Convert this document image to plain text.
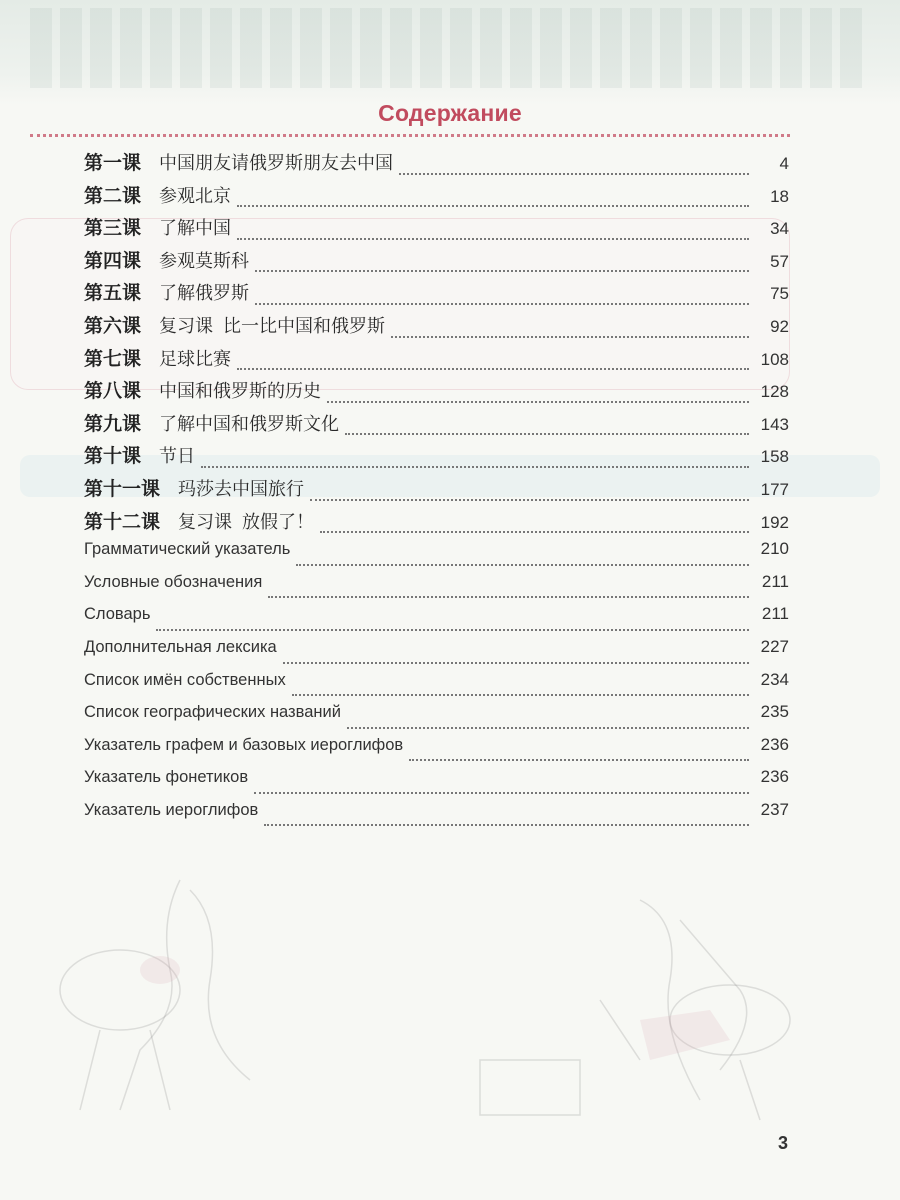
Содержание
第一课 中国朋友请俄罗斯朋友去中国	4
第二课 参观北京	18
第三课 了解中国	34
第四课 参观莫斯科	57
第五课 了解俄罗斯	75
第六课 复习课 比一比中国和俄罗斯	92
第七课 足球比赛	108
第八课 中国和俄罗斯的历史	128
第九课 了解中国和俄罗斯文化	143
第十课 节日	158
第十一课 玛莎去中国旅行	177
第十二课 复习课 放假了！	192
Грамматический указатель	210
Условные обозначения	211
Словарь	211
Дополнительная лексика	227
Список имён собственных	234
Список географических названий	235
Указатель графем и базовых иероглифов	236
Указатель фонетиков	236
Указатель иероглифов	237
3
